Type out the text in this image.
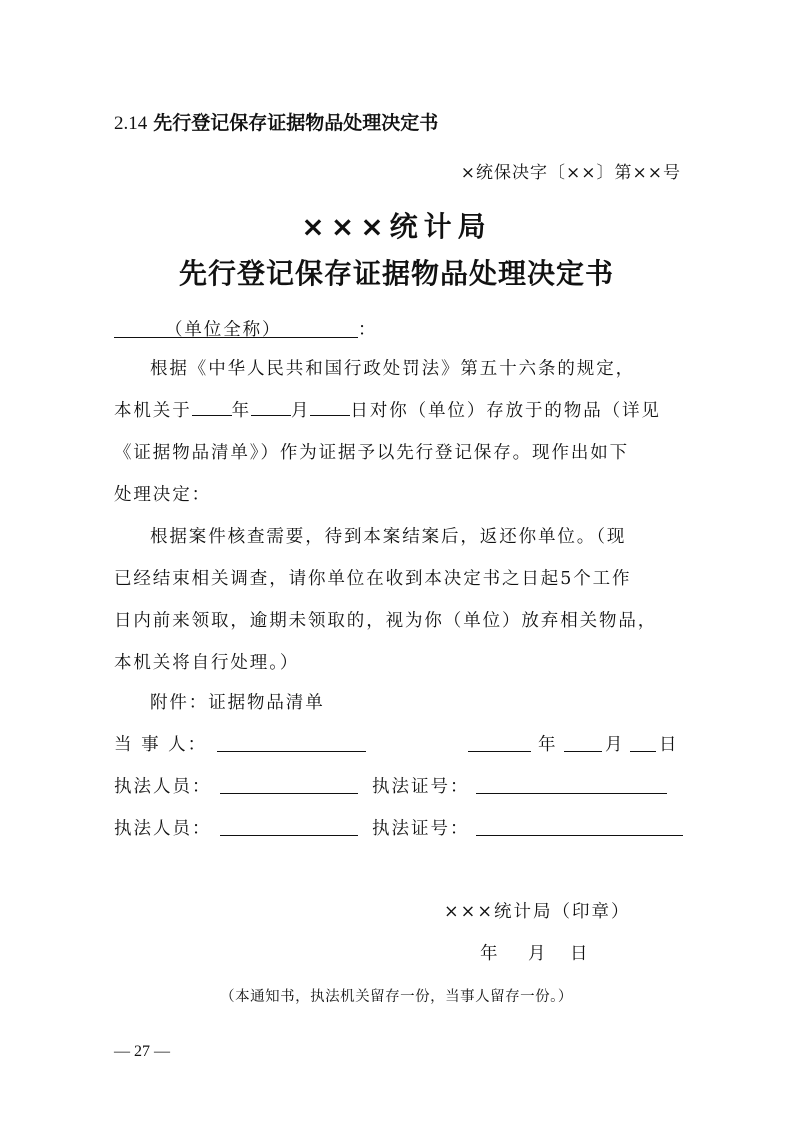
2.14 先行登记保存证据物品处理决定书
×统保决字〔××〕第××号
×××统计局
先行登记保存证据物品处理决定书
（单位全称）	：
根据《中华人民共和国行政处罚法》第五十六条的规定，
本机关于 年 月 日对你（单位）存放于的物品（详见
《证据物品清单》）作为证据予以先行登记保存。现作出如下
处理决定：
根据案件核查需要，待到本案结案后，返还你单位。（现
已经结束相关调查，请你单位在收到本决定书之日起5个工作
日内前来领取，逾期未领取的，视为你（单位）放弃相关物品，
本机关将自行处理。）
附件：证据物品清单
当 事 人：	年	月 日
执法人员：	执法证号：
执法人员：	执法证号：
×××统计局（印章）
年 月 日
（本通知书，执法机关留存一份，当事人留存一份。）
— 27 —
